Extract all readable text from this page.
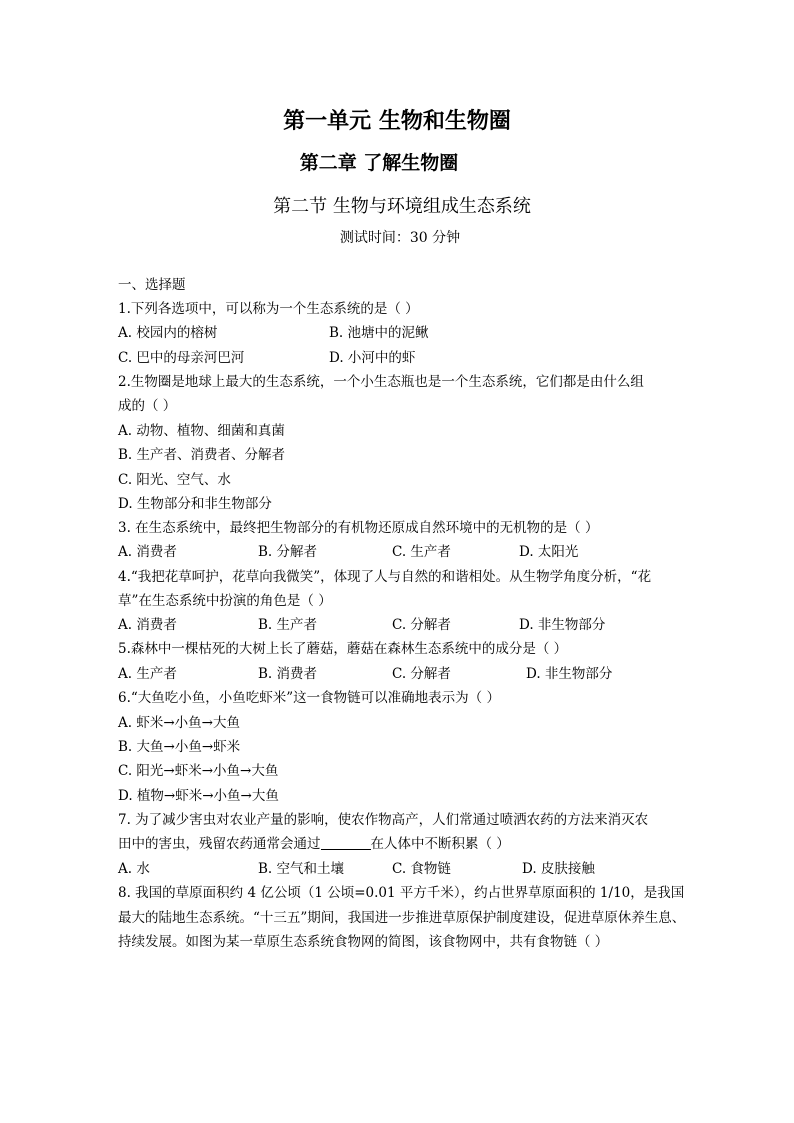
第一单元 生物和生物圈
第二章 了解生物圈
第二节 生物与环境组成生态系统
测试时间：30 分钟
一、选择题
1.下列各选项中，可以称为一个生态系统的是（ ）
A. 校园内的榕树	B. 池塘中的泥鳅
C. 巴中的母亲河巴河	D. 小河中的虾
2.生物圈是地球上最大的生态系统，一个小生态瓶也是一个生态系统，它们都是由什么组
成的（ ）
A. 动物、植物、细菌和真菌
B. 生产者、消费者、分解者
C. 阳光、空气、水
D. 生物部分和非生物部分
3. 在生态系统中，最终把生物部分的有机物还原成自然环境中的无机物的是（ ）
A. 消费者	B. 分解者	C. 生产者	D. 太阳光
4.“我把花草呵护，花草向我微笑”，体现了人与自然的和谐相处。从生物学角度分析，“花
草”在生态系统中扮演的角色是（ ）
A. 消费者	B. 生产者	C. 分解者	D. 非生物部分
5.森林中一棵枯死的大树上长了蘑菇，蘑菇在森林生态系统中的成分是（ ）
A. 生产者	B. 消费者	C. 分解者	D. 非生物部分
6.“大鱼吃小鱼，小鱼吃虾米”这一食物链可以准确地表示为（ ）
A. 虾米→小鱼→大鱼
B. 大鱼→小鱼→虾米
C. 阳光→虾米→小鱼→大鱼
D. 植物→虾米→小鱼→大鱼
7. 为了减少害虫对农业产量的影响，使农作物高产，人们常通过喷洒农药的方法来消灭农
田中的害虫，残留农药通常会通过	在人体中不断积累（ ）
A. 水	B. 空气和土壤	C. 食物链	D. 皮肤接触
8. 我国的草原面积约 4 亿公顷（1 公顷=0.01 平方千米），约占世界草原面积的 1/10，是我国
最大的陆地生态系统。“十三五”期间，我国进一步推进草原保护制度建设，促进草原休养生息、
持续发展。如图为某一草原生态系统食物网的简图，该食物网中，共有食物链（ ）
